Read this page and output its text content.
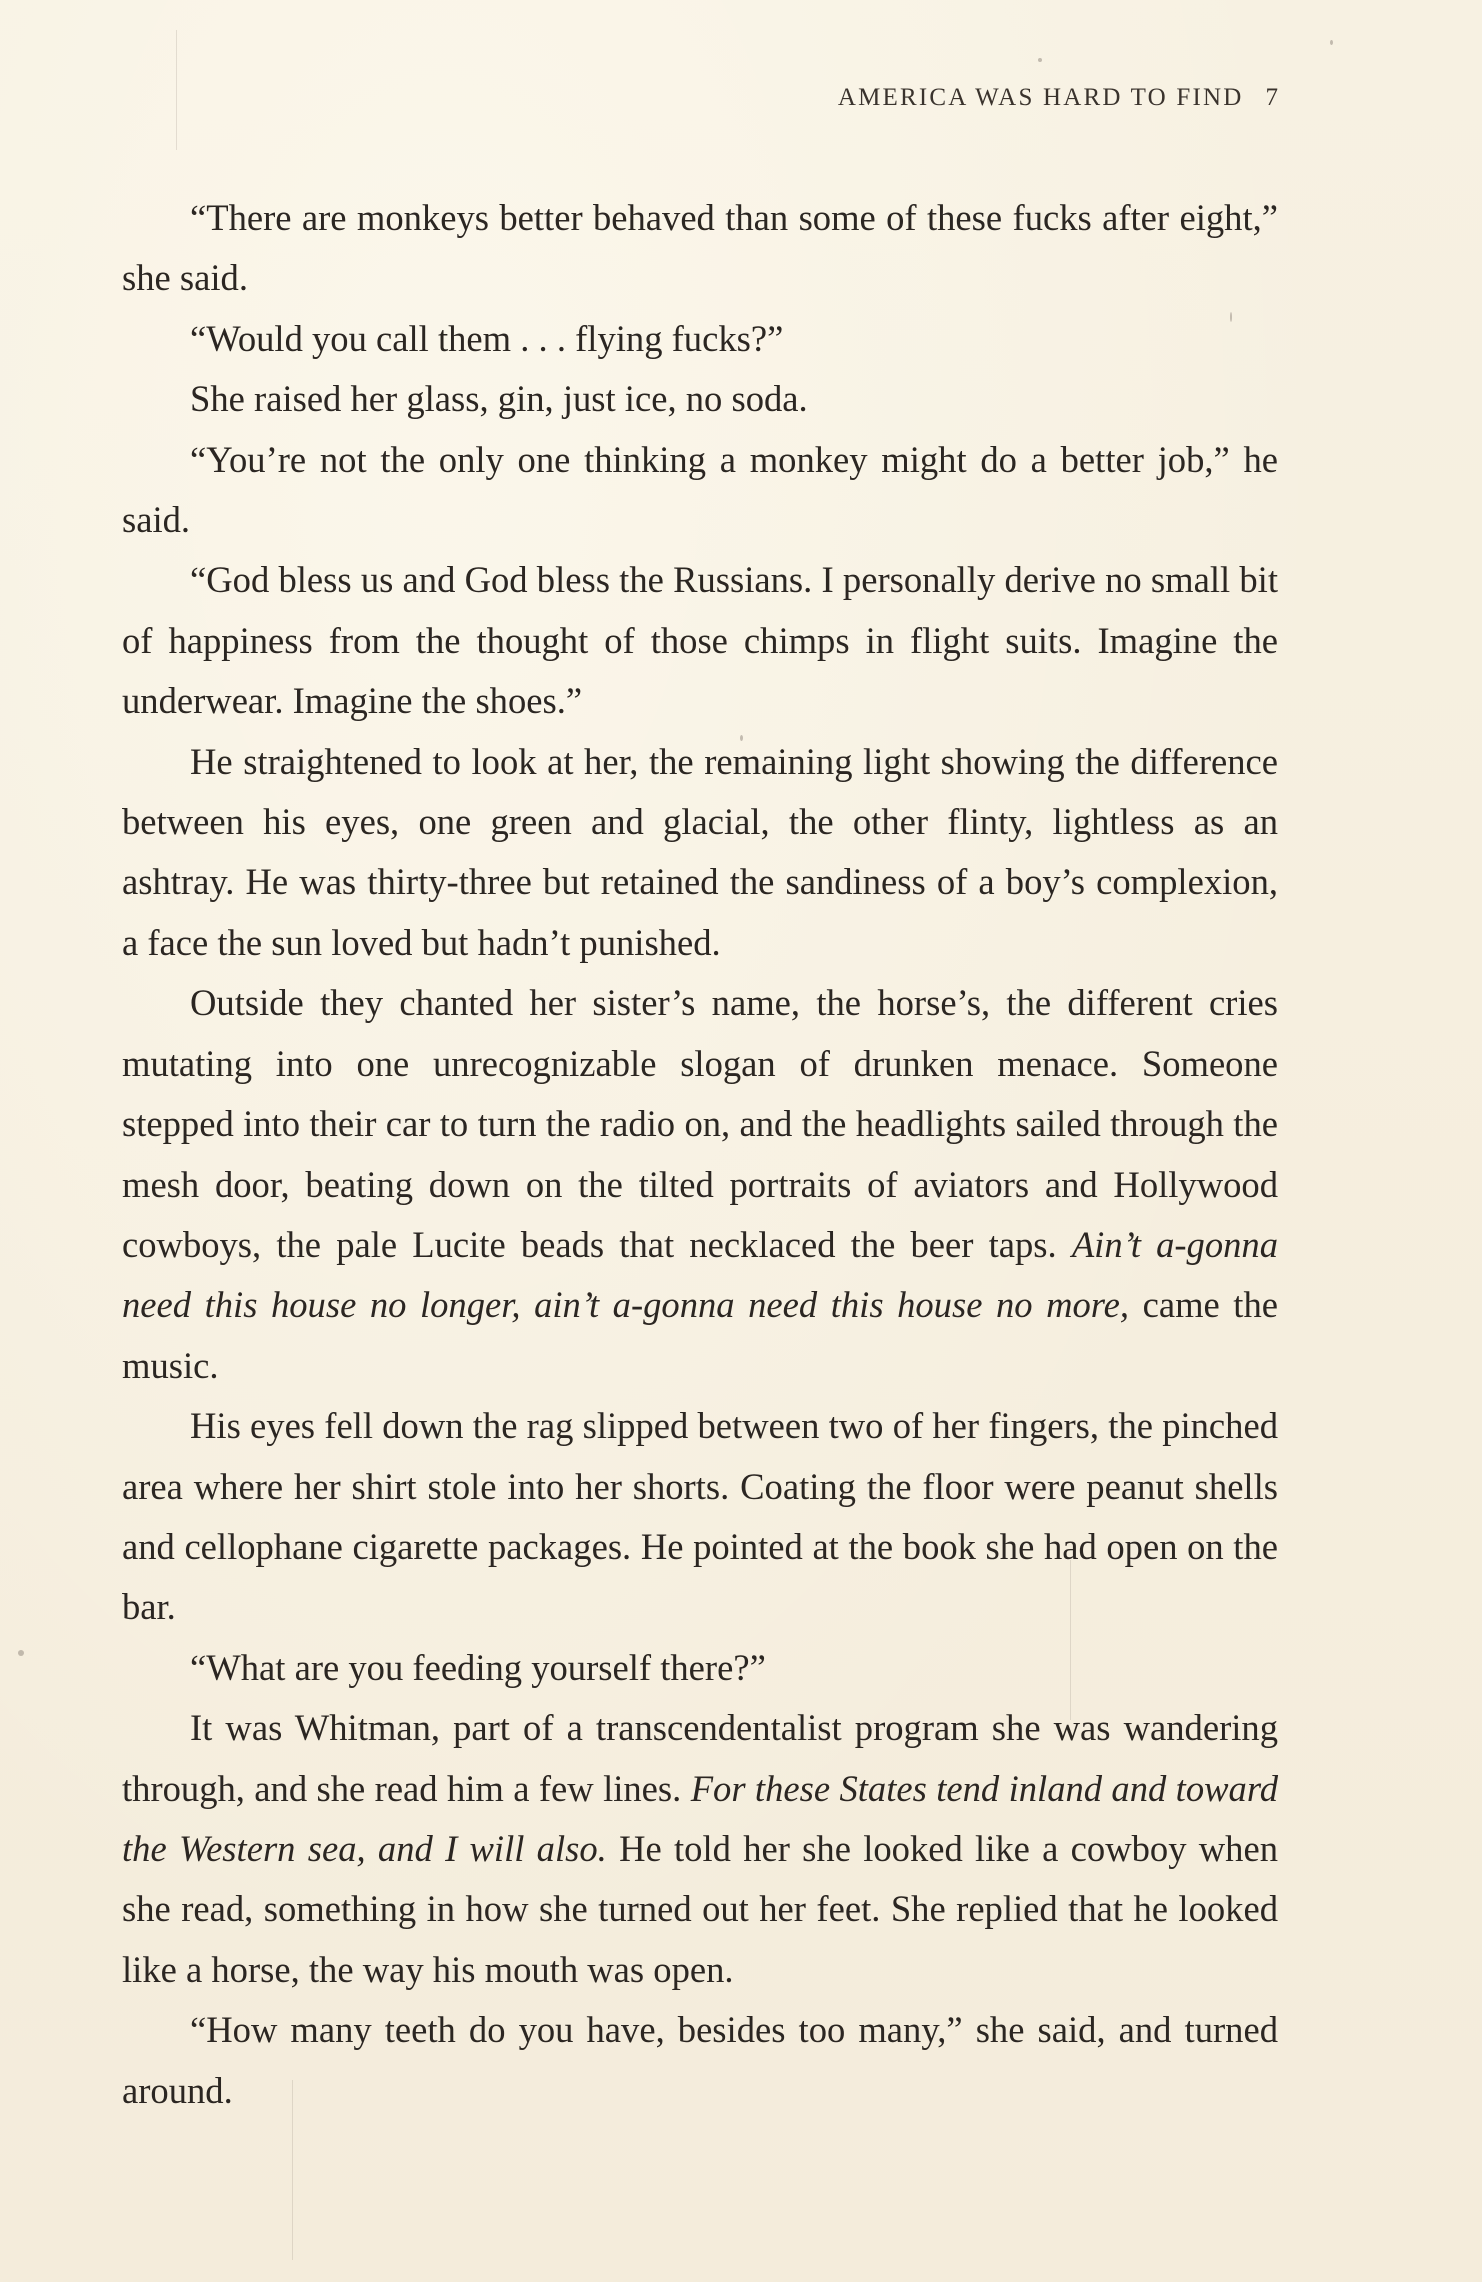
AMERICA WAS HARD TO FIND 7

“There are monkeys better behaved than some of these fucks after eight,” she said.

“Would you call them . . . flying fucks?”

She raised her glass, gin, just ice, no soda.

“You’re not the only one thinking a monkey might do a better job,” he said.

“God bless us and God bless the Russians. I personally derive no small bit of happiness from the thought of those chimps in flight suits. Imagine the underwear. Imagine the shoes.”

He straightened to look at her, the remaining light showing the difference between his eyes, one green and glacial, the other flinty, lightless as an ashtray. He was thirty-three but retained the sandiness of a boy’s complexion, a face the sun loved but hadn’t punished.

Outside they chanted her sister’s name, the horse’s, the different cries mutating into one unrecognizable slogan of drunken menace. Someone stepped into their car to turn the radio on, and the headlights sailed through the mesh door, beating down on the tilted portraits of aviators and Hollywood cowboys, the pale Lucite beads that necklaced the beer taps. Ain’t a-gonna need this house no longer, ain’t a-gonna need this house no more, came the music.

His eyes fell down the rag slipped between two of her fingers, the pinched area where her shirt stole into her shorts. Coating the floor were peanut shells and cellophane cigarette packages. He pointed at the book she had open on the bar.

“What are you feeding yourself there?”

It was Whitman, part of a transcendentalist program she was wandering through, and she read him a few lines. For these States tend inland and toward the Western sea, and I will also. He told her she looked like a cowboy when she read, something in how she turned out her feet. She replied that he looked like a horse, the way his mouth was open.

“How many teeth do you have, besides too many,” she said, and turned around.
